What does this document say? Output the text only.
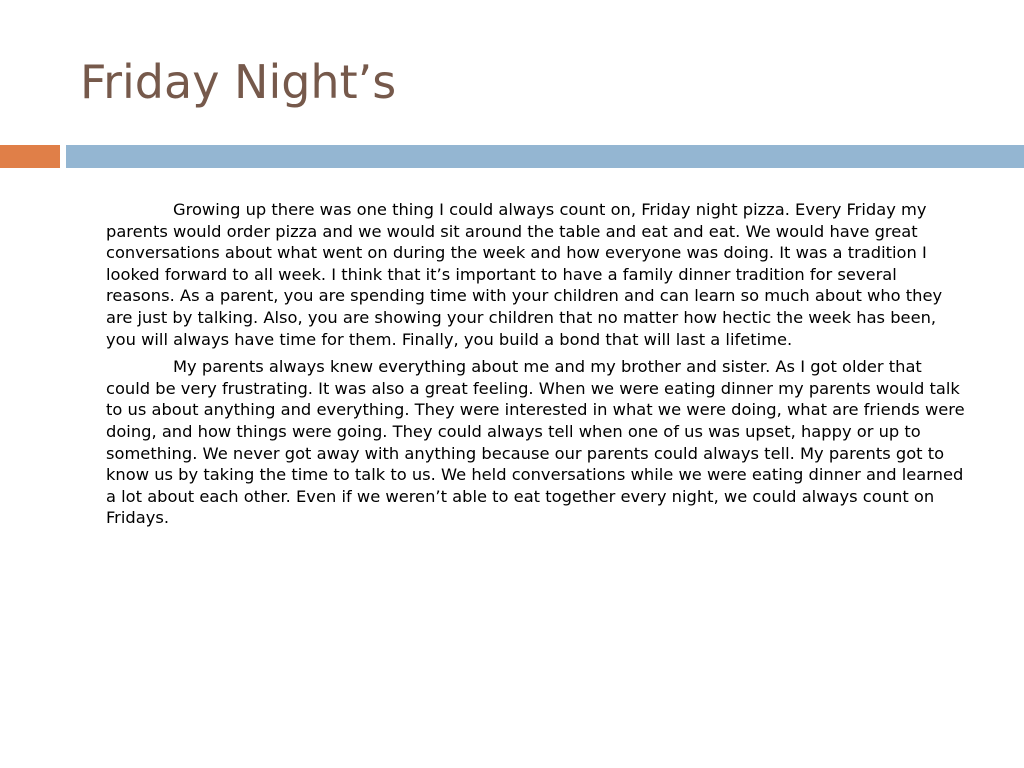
Friday Night’s

Growing up there was one thing I could always count on, Friday night pizza. Every Friday my parents would order pizza and we would sit around the table and eat and eat. We would have great conversations about what went on during the week and how everyone was doing. It was a tradition I looked forward to all week. I think that it’s important to have a family dinner tradition for several reasons. As a parent, you are spending time with your children and can learn so much about who they are just by talking. Also, you are showing your children that no matter how hectic the week has been, you will always have time for them. Finally, you build a bond that will last a lifetime.

My parents always knew everything about me and my brother and sister. As I got older that could be very frustrating. It was also a great feeling. When we were eating dinner my parents would talk to us about anything and everything. They were interested in what we were doing, what are friends were doing, and how things were going. They could always tell when one of us was upset, happy or up to something. We never got away with anything because our parents could always tell. My parents got to know us by taking the time to talk to us. We held conversations while we were eating dinner and learned a lot about each other. Even if we weren’t able to eat together every night, we could always count on Fridays.
